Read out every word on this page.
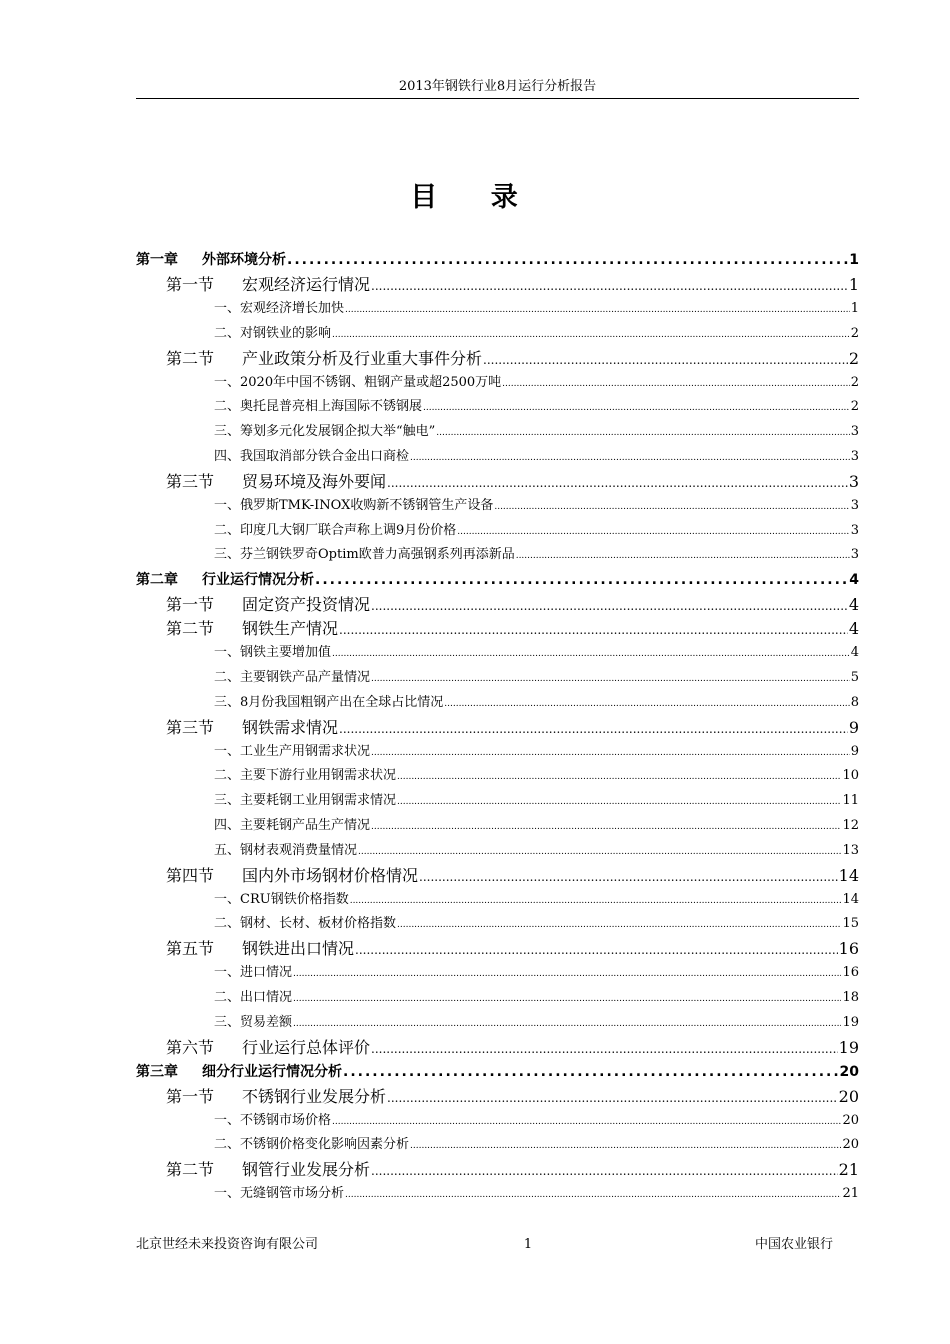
2013年钢铁行业8月运行分析报告
目 录
第一章 外部环境分析 .....	1
第一节 宏观经济运行情况 .....	1
一、宏观经济增长加快 .....	1
二、对钢铁业的影响 .....	2
第二节 产业政策分析及行业重大事件分析 .....	2
一、2020年中国不锈钢、粗钢产量或超2500万吨 .....	2
二、奥托昆普亮相上海国际不锈钢展 .....	2
三、筹划多元化发展钢企拟大举“触电” .....	3
四、我国取消部分铁合金出口商检 .....	3
第三节 贸易环境及海外要闻 .....	3
一、俄罗斯TMK-INOX收购新不锈钢管生产设备 .....	3
二、印度几大钢厂联合声称上调9月份价格 .....	3
三、芬兰钢铁罗奇Optim欧普力高强钢系列再添新品 .....	3
第二章 行业运行情况分析 .....	4
第一节 固定资产投资情况 .....	4
第二节 钢铁生产情况 .....	4
一、钢铁主要增加值 .....	4
二、主要钢铁产品产量情况 .....	5
三、8月份我国粗钢产出在全球占比情况 .....	8
第三节 钢铁需求情况 .....	9
一、工业生产用钢需求状况 .....	9
二、主要下游行业用钢需求状况 .....	10
三、主要耗钢工业用钢需求情况 .....	11
四、主要耗钢产品生产情况 .....	12
五、钢材表观消费量情况 .....	13
第四节 国内外市场钢材价格情况 .....	14
一、CRU钢铁价格指数 .....	14
二、钢材、长材、板材价格指数 .....	15
第五节 钢铁进出口情况 .....	16
一、进口情况 .....	16
二、出口情况 .....	18
三、贸易差额 .....	19
第六节 行业运行总体评价 .....	19
第三章 细分行业运行情况分析 .....	20
第一节 不锈钢行业发展分析 .....	20
一、不锈钢市场价格 .....	20
二、不锈钢价格变化影响因素分析 .....	20
第二节 钢管行业发展分析 .....	21
一、无缝钢管市场分析 .....	21
北京世经未来投资咨询有限公司	1	中国农业银行
